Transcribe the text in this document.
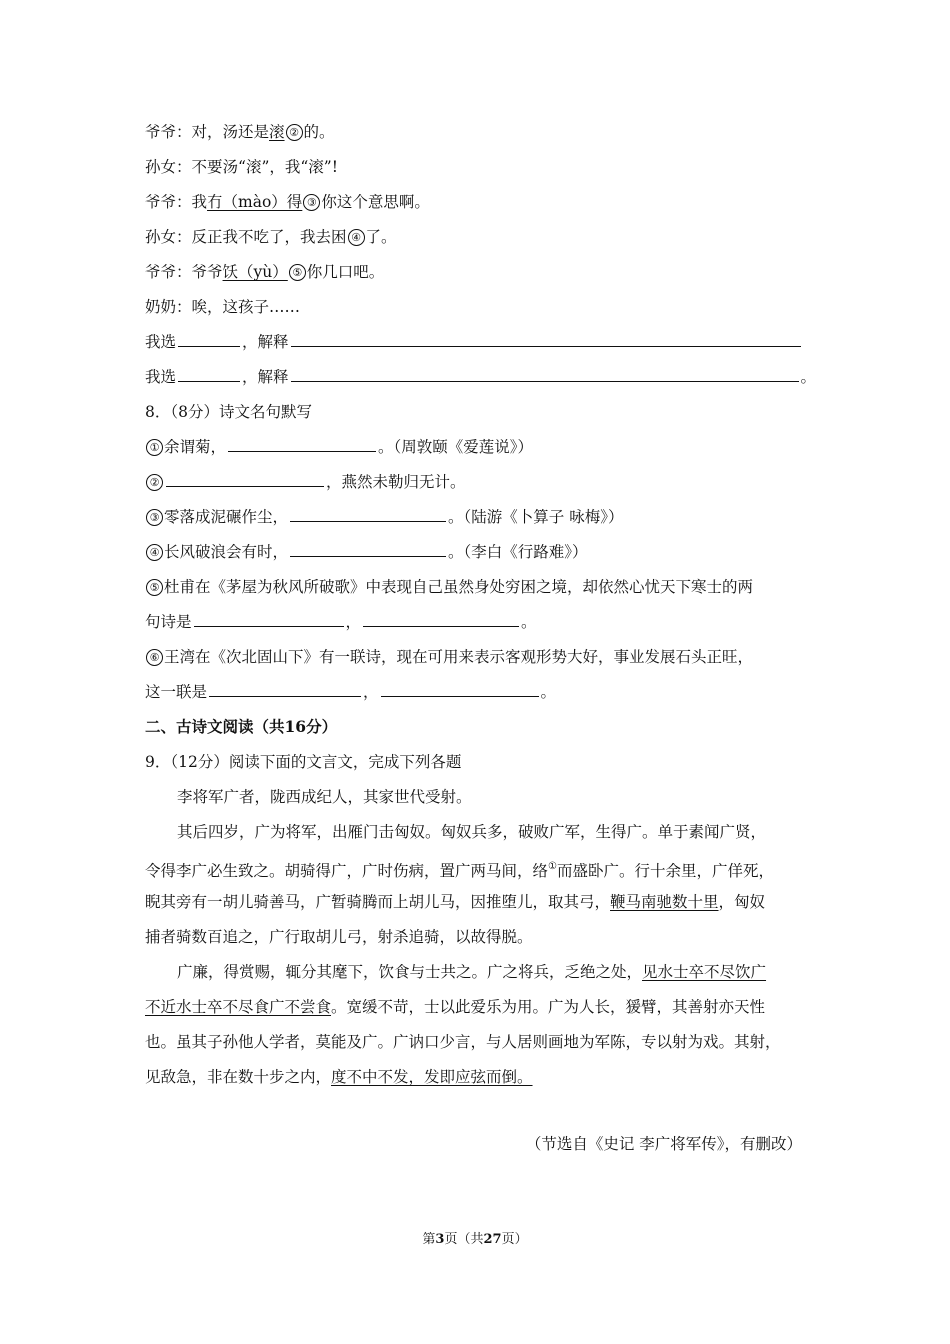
爷爷：对，汤还是滚 ② 的。
孙女：不要汤“滚”，我“滚”!
爷爷：我冇（mào）得 ③ 你这个意思啊。
孙女：反正我不吃了，我去困 ④ 了。
爷爷：爷爷饫（yù） ⑤ 你几口吧。
奶奶：唉，这孩子……
我选	，解释
我选	，解释	。
8．（8分）诗文名句默写
① 余谓菊，	。（周敦颐《爱莲说》）
②	，燕然未勒归无计。
③ 零落成泥碾作尘，	。（陆游《卜算子 咏梅》）
④ 长风破浪会有时，	。（李白《行路难》）
⑤ 杜甫在《茅屋为秋风所破歌》中表现自己虽然身处穷困之境，却依然心忧天下寒士的两
句诗是	，	。
⑥ 王湾在《次北固山下》有一联诗，现在可用来表示客观形势大好，事业发展石头正旺，
这一联是	，	。
二、古诗文阅读（共16分）
9．（12分）阅读下面的文言文，完成下列各题
李将军广者，陇西成纪人，其家世代受射。
其后四岁，广为将军，出雁门击匈奴。匈奴兵多，破败广军，生得广。单于素闻广贤，
令得李广必生致之。胡骑得广，广时伤病，置广两马间，络①而盛卧广。行十余里，广佯死，
睨其旁有一胡儿骑善马，广暂骑腾而上胡儿马，因推堕儿，取其弓，鞭马南驰数十里，匈奴
捕者骑数百追之，广行取胡儿弓，射杀追骑，以故得脱。
广廉，得赏赐，辄分其麾下，饮食与士共之。广之将兵，乏绝之处，见水士卒不尽饮广
不近水士卒不尽食广不尝食。宽缓不苛，士以此爱乐为用。广为人长，猨臂，其善射亦天性
也。虽其子孙他人学者，莫能及广。广讷口少言，与人居则画地为军陈，专以射为戏。其射，
见敌急，非在数十步之内，度不中不发，发即应弦而倒。
（节选自《史记 李广将军传》，有删改）
第3页（共27页）
